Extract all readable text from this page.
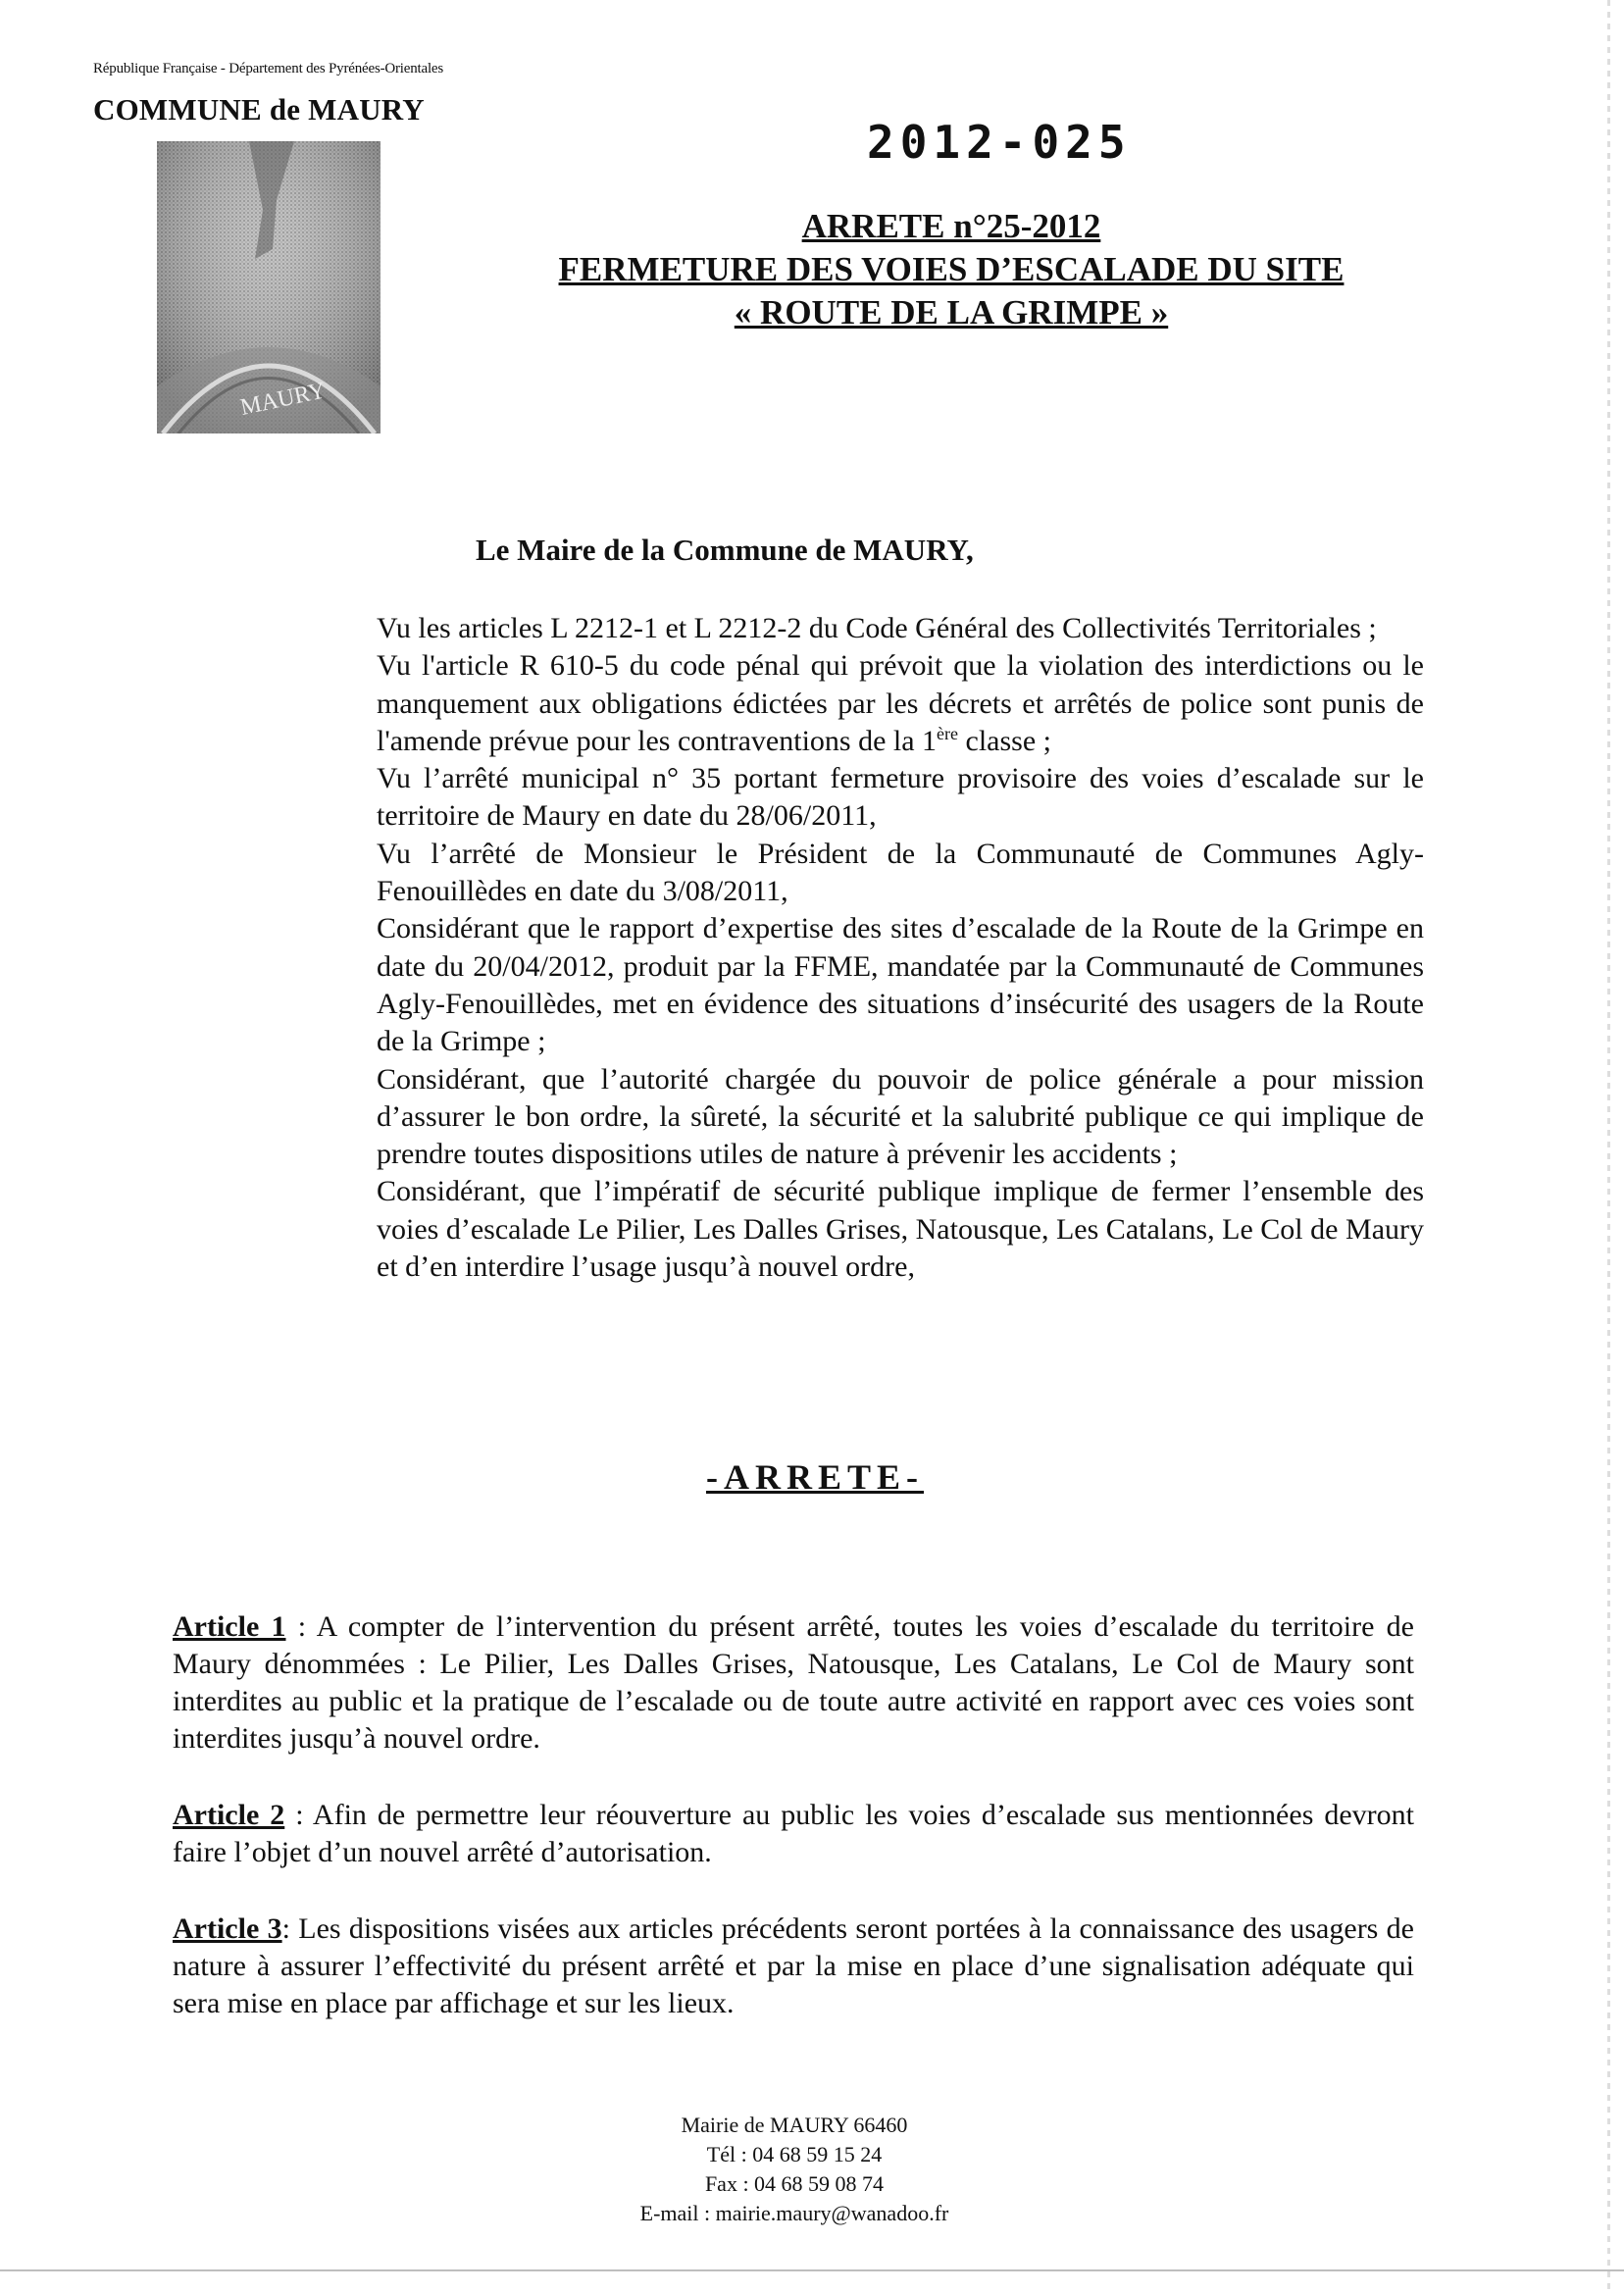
République Française - Département des Pyrénées-Orientales
COMMUNE de MAURY
MAURY
2012-025
ARRETE n°25-2012
FERMETURE DES VOIES D’ESCALADE DU SITE
« ROUTE DE LA GRIMPE »
Le Maire de la Commune de MAURY,

Vu les articles L 2212-1 et L 2212-2 du Code Général des Collectivités Territoriales ;

Vu l'article R 610-5 du code pénal qui prévoit que la violation des interdictions ou le manquement aux obligations édictées par les décrets et arrêtés de police sont punis de l'amende prévue pour les contraventions de la 1ère classe ;

Vu l’arrêté municipal n° 35 portant fermeture provisoire des voies d’escalade sur le territoire de Maury en date du 28/06/2011,

Vu l’arrêté de Monsieur le Président de la Communauté de Communes Agly-Fenouillèdes en date du 3/08/2011,

Considérant que le rapport d’expertise des sites d’escalade de la Route de la Grimpe en date du 20/04/2012, produit par la FFME, mandatée par la Communauté de Communes Agly-Fenouillèdes, met en évidence des situations d’insécurité des usagers de la Route de la Grimpe ;

Considérant, que l’autorité chargée du pouvoir de police générale a pour mission d’assurer le bon ordre, la sûreté, la sécurité et la salubrité publique ce qui implique de prendre toutes dispositions utiles de nature à prévenir les accidents ;

Considérant, que l’impératif de sécurité publique implique de fermer l’ensemble des voies d’escalade Le Pilier, Les Dalles Grises, Natousque, Les Catalans, Le Col de Maury et d’en interdire l’usage jusqu’à nouvel ordre,

-ARRETE-
Article 1 : A compter de l’intervention du présent arrêté, toutes les voies d’escalade du territoire de Maury dénommées : Le Pilier, Les Dalles Grises, Natousque, Les Catalans, Le Col de Maury sont interdites au public et la pratique de l’escalade ou de toute autre activité en rapport avec ces voies sont interdites jusqu’à nouvel ordre.
Article 2 : Afin de permettre leur réouverture au public les voies d’escalade sus mentionnées devront faire l’objet d’un nouvel arrêté d’autorisation.
Article 3: Les dispositions visées aux articles précédents seront portées à la connaissance des usagers de nature à assurer l’effectivité du présent arrêté et par la mise en place d’une signalisation adéquate qui sera mise en place par affichage et sur les lieux.
Mairie de MAURY 66460
Tél : 04 68 59 15 24
Fax : 04 68 59 08 74
E-mail : mairie.maury@wanadoo.fr
